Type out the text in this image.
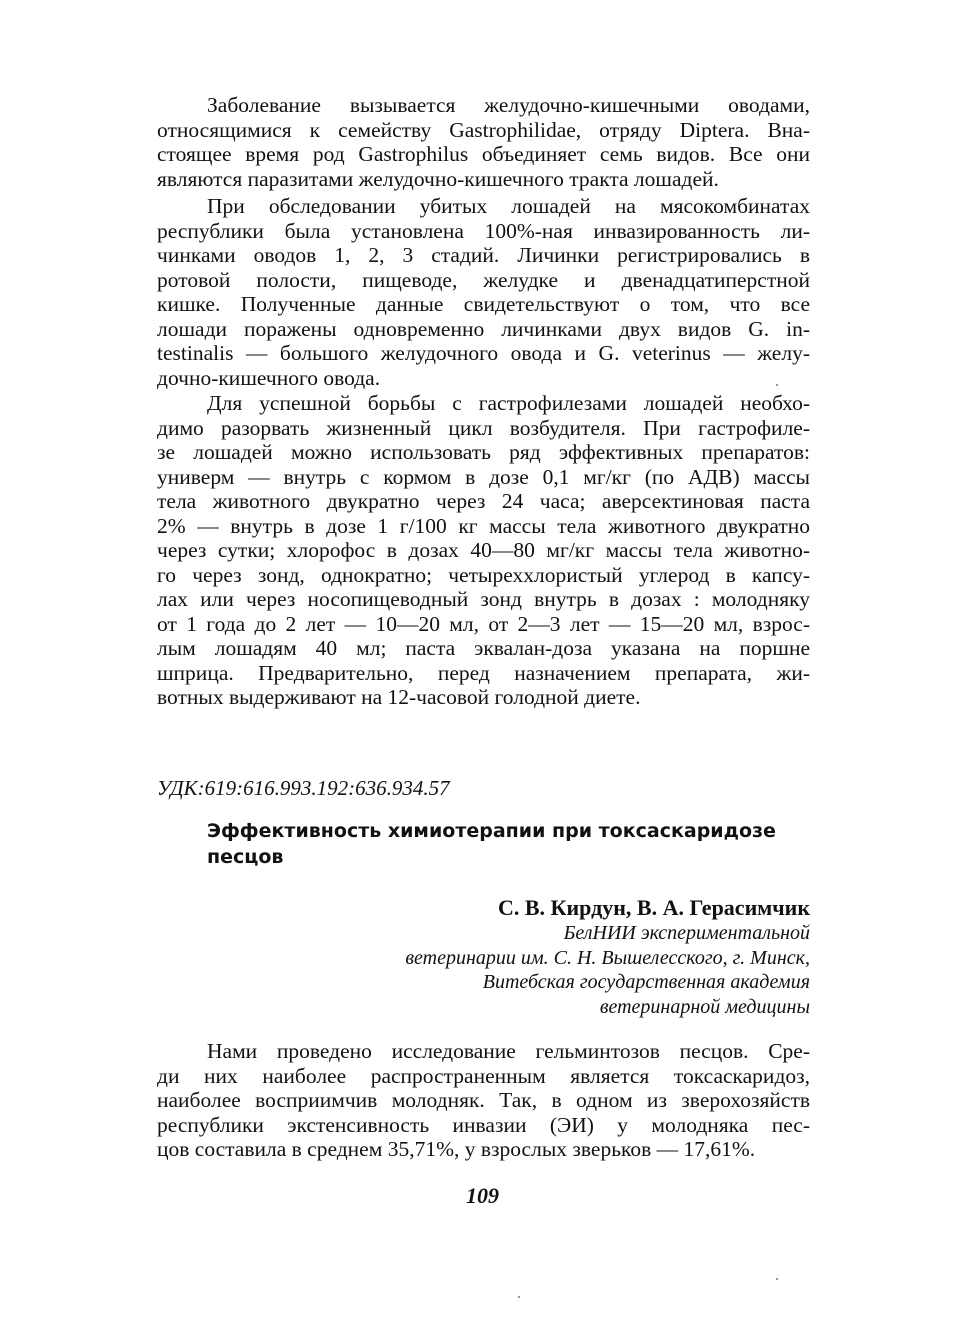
Заболевание вызывается желудочно-кишечными оводами,
относящимися к семейству Gastrophilidae, отряду Diptera. Вна-
стоящее время род Gastrophilus объединяет семь видов. Все они
являются паразитами желудочно-кишечного тракта лошадей.
При обследовании убитых лошадей на мясокомбинатах
республики была установлена 100%-ная инвазированность ли-
чинками оводов 1, 2, 3 стадий. Личинки регистрировались в
ротовой полости, пищеводе, желудке и двенадцатиперстной
кишке. Полученные данные свидетельствуют о том, что все
лошади поражены одновременно личинками двух видов G. in-
testinalis — большого желудочного овода и G. veterinus — желу-
дочно-кишечного овода.
Для успешной борьбы с гастрофилезами лошадей необхо-
димо разорвать жизненный цикл возбудителя. При гастрофиле-
зе лошадей можно использовать ряд эффективных препаратов:
универм — внутрь с кормом в дозе 0,1 мг/кг (по АДВ) массы
тела животного двукратно через 24 часа; аверсектиновая паста
2% — внутрь в дозе 1 г/100 кг массы тела животного двукратно
через сутки; хлорофос в дозах 40—80 мг/кг массы тела животно-
го через зонд, однократно; четыреххлористый углерод в капсу-
лах или через носопищеводный зонд внутрь в дозах : молодняку
от 1 года до 2 лет — 10—20 мл, от 2—3 лет — 15—20 мл, взрос-
лым лошадям 40 мл; паста эквалан-доза указана на поршне
шприца. Предварительно, перед назначением препарата, жи-
вотных выдерживают на 12-часовой голодной диете.
УДК:619:616.993.192:636.934.57
Эффективность химиотерапии при токсаскаридозе
песцов
С. В. Кирдун, В. А. Герасимчик
БелНИИ экспериментальной
ветеринарии им. С. Н. Вышелесского, г. Минск,
Витебская государственная академия
ветеринарной медицины
Нами проведено исследование гельминтозов песцов. Сре-
ди них наиболее распространенным является токсаскаридоз,
наиболее восприимчив молодняк. Так, в одном из зверохозяйств
республики экстенсивность инвазии (ЭИ) у молодняка пес-
цов составила в среднем 35,71%, у взрослых зверьков — 17,61%.
109
